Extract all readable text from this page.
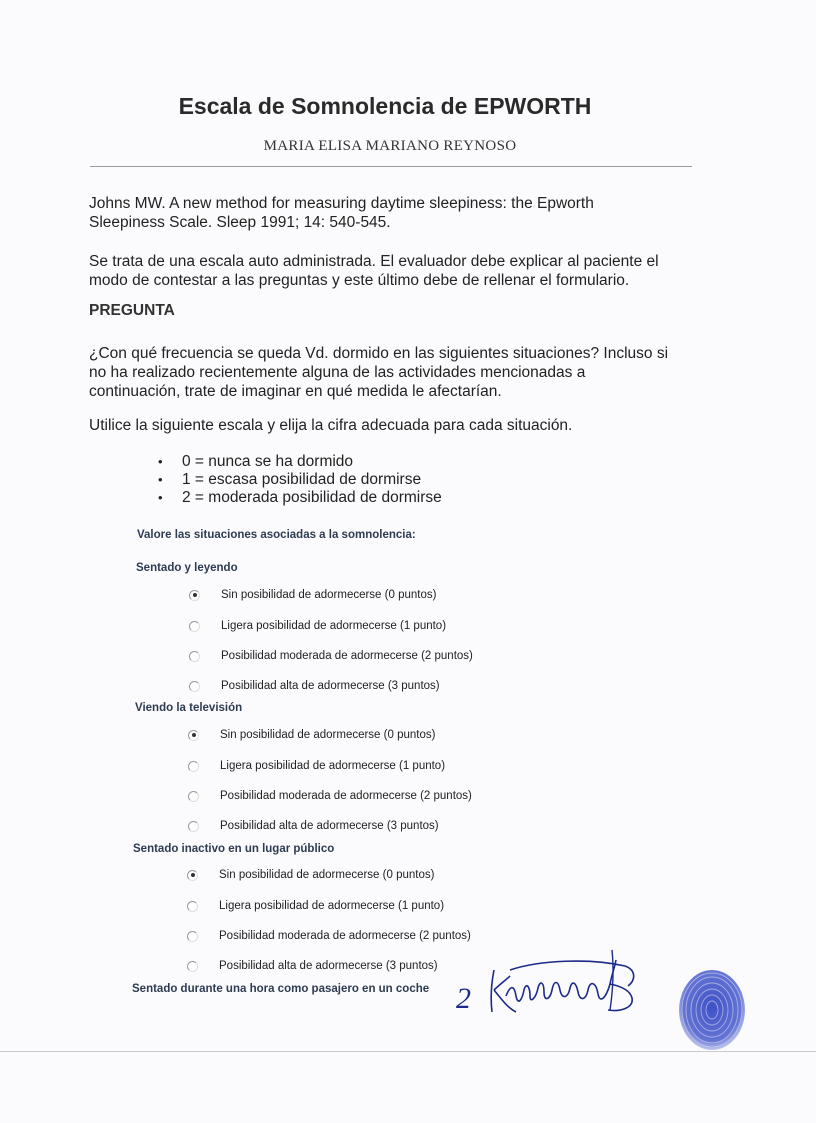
Escala de Somnolencia de EPWORTH
MARIA ELISA MARIANO REYNOSO
Johns MW. A new method for measuring daytime sleepiness: the Epworth
Sleepiness Scale. Sleep 1991; 14: 540-545.
Se trata de una escala auto administrada. El evaluador debe explicar al paciente el
modo de contestar a las preguntas y este último debe de rellenar el formulario.
PREGUNTA
¿Con qué frecuencia se queda Vd. dormido en las siguientes situaciones? Incluso si
no ha realizado recientemente alguna de las actividades mencionadas a
continuación, trate de imaginar en qué medida le afectarían.
Utilice la siguiente escala y elija la cifra adecuada para cada situación.
• 0 = nunca se ha dormido
• 1 = escasa posibilidad de dormirse
• 2 = moderada posibilidad de dormirse
Valore las situaciones asociadas a la somnolencia:
Sentado y leyendo
Sin posibilidad de adormecerse (0 puntos)
Ligera posibilidad de adormecerse (1 punto)
Posibilidad moderada de adormecerse (2 puntos)
Posibilidad alta de adormecerse (3 puntos)
Viendo la televisión
Sin posibilidad de adormecerse (0 puntos)
Ligera posibilidad de adormecerse (1 punto)
Posibilidad moderada de adormecerse (2 puntos)
Posibilidad alta de adormecerse (3 puntos)
Sentado inactivo en un lugar público
Sin posibilidad de adormecerse (0 puntos)
Ligera posibilidad de adormecerse (1 punto)
Posibilidad moderada de adormecerse (2 puntos)
Posibilidad alta de adormecerse (3 puntos)
Sentado durante una hora como pasajero en un coche 2
